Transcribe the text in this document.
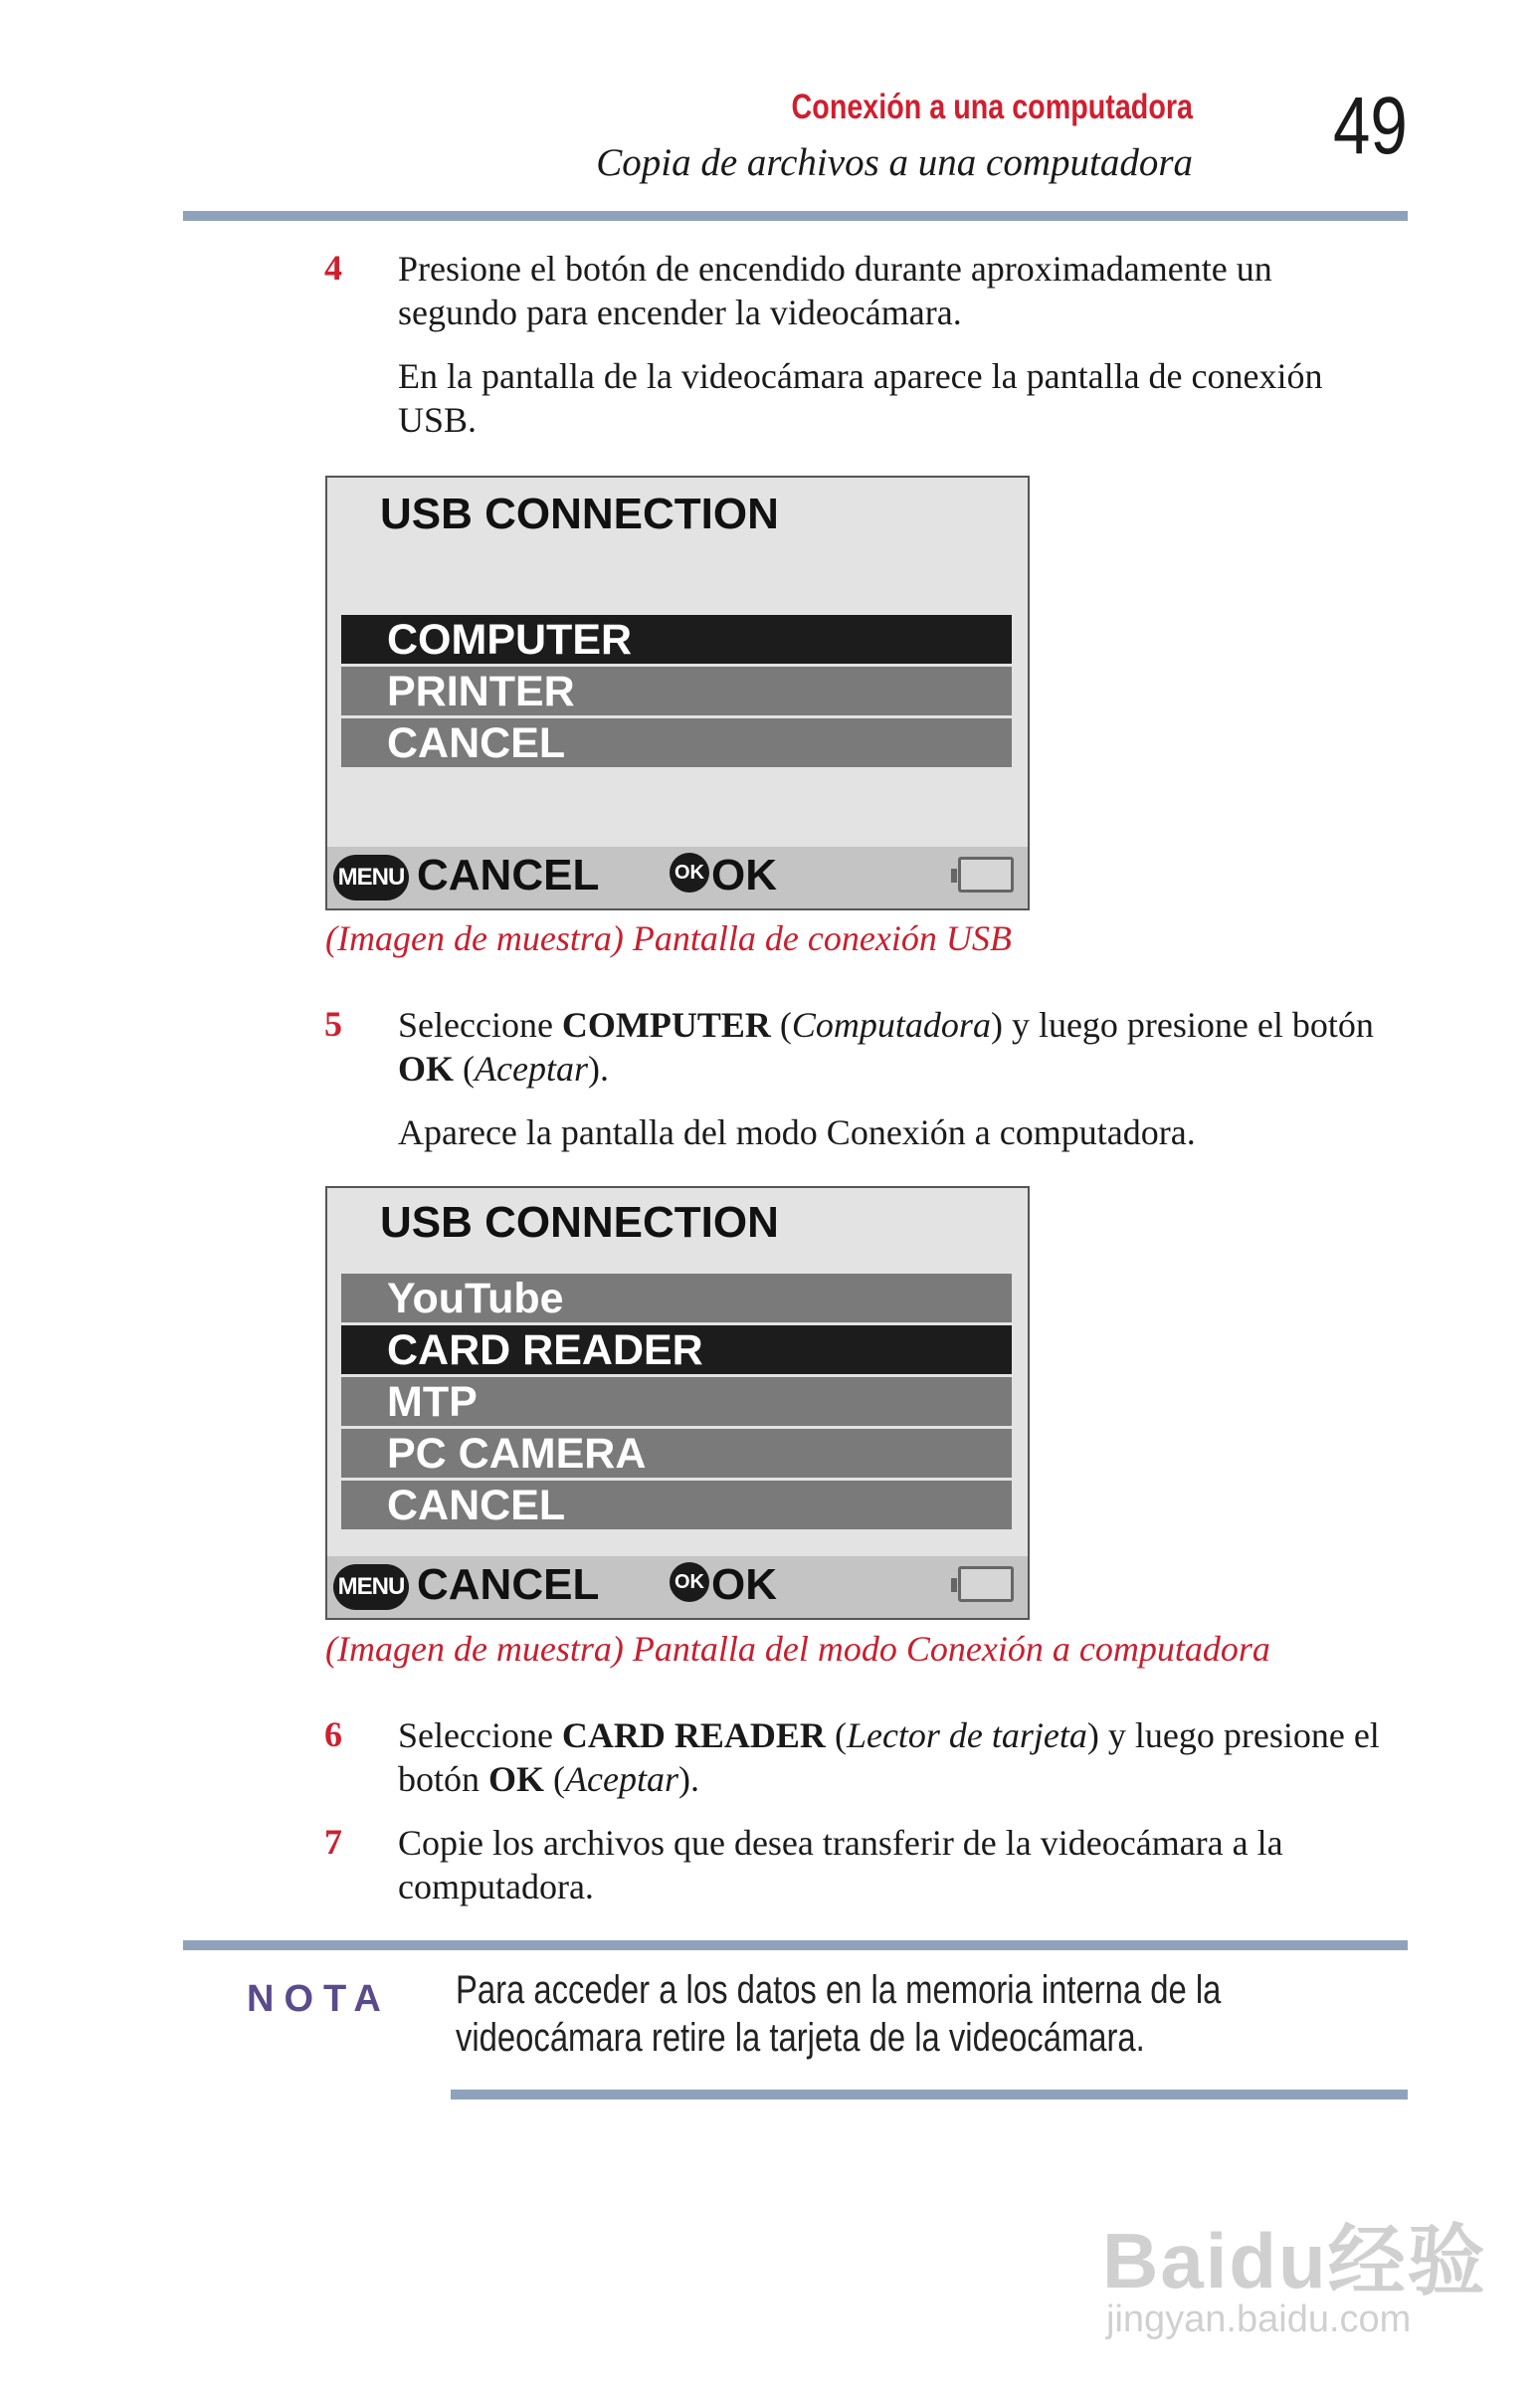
Conexión a una computadora
Copia de archivos a una computadora 49
4 Presione el botón de encendido durante aproximadamente un segundo para encender la videocámara.
En la pantalla de la videocámara aparece la pantalla de conexión USB.
USB CONNECTION
COMPUTER
PRINTER
CANCEL
MENU CANCEL	OK OK
(Imagen de muestra) Pantalla de conexión USB
5 Seleccione COMPUTER (Computadora) y luego presione el botón OK (Aceptar).
Aparece la pantalla del modo Conexión a computadora.
USB CONNECTION
YouTube
CARD READER
MTP
PC CAMERA
CANCEL
MENU CANCEL	OK OK
(Imagen de muestra) Pantalla del modo Conexión a computadora
6 Seleccione CARD READER (Lector de tarjeta) y luego presione el botón OK (Aceptar).
7 Copie los archivos que desea transferir de la videocámara a la computadora.
NOTA Para acceder a los datos en la memoria interna de la videocámara retire la tarjeta de la videocámara.
Baidu经验
jingyan.baidu.com
